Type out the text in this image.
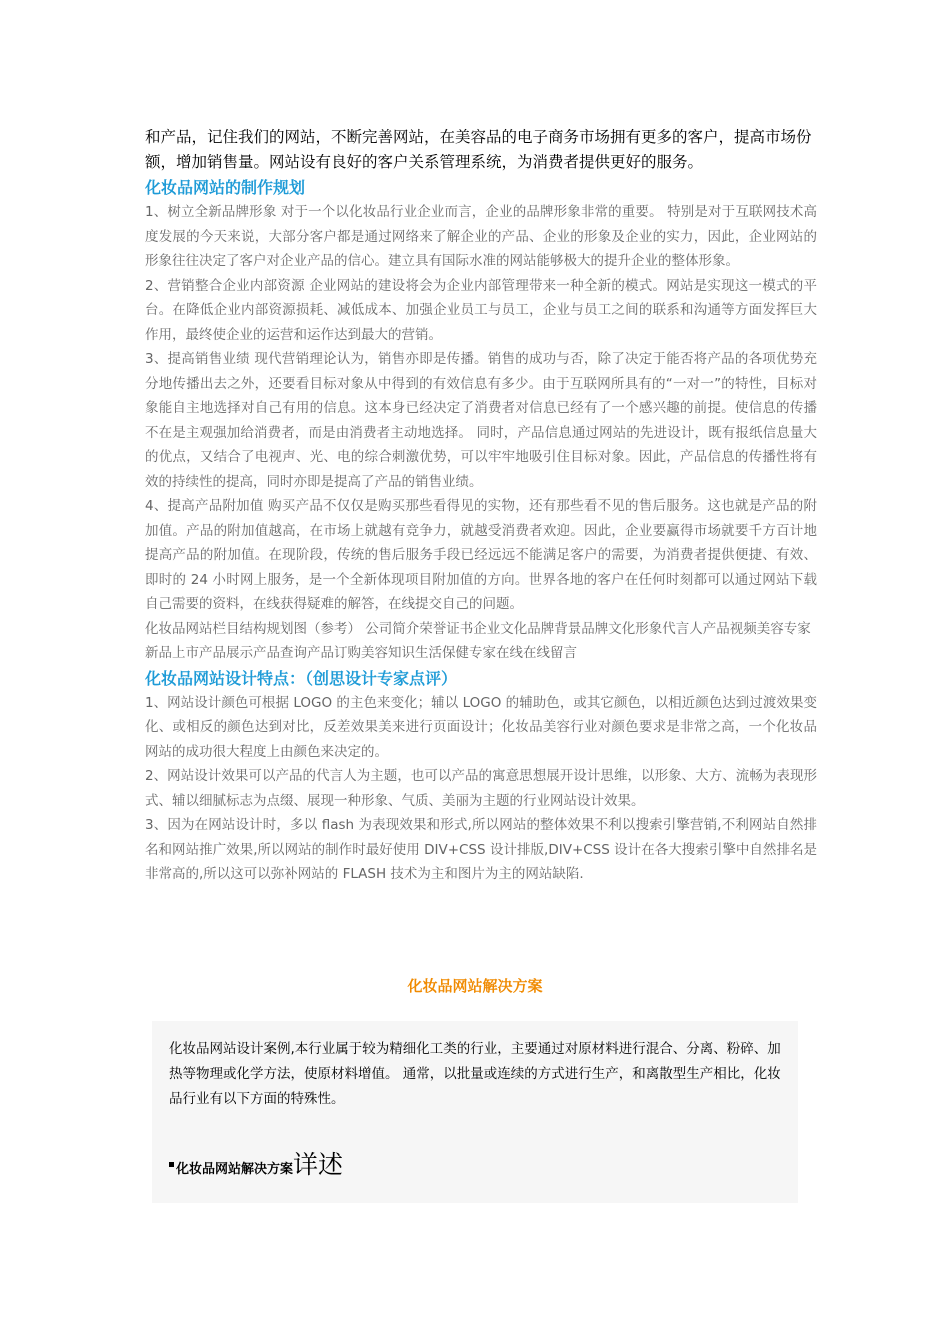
和产品，记住我们的网站，不断完善网站，在美容品的电子商务市场拥有更多的客户，提高市场份额，增加销售量。网站设有良好的客户关系管理系统，为消费者提供更好的服务。

化妆品网站的制作规划

1、树立全新品牌形象 对于一个以化妆品行业企业而言，企业的品牌形象非常的重要。 特别是对于互联网技术高度发展的今天来说，大部分客户都是通过网络来了解企业的产品、企业的形象及企业的实力，因此，企业网站的形象往往决定了客户对企业产品的信心。建立具有国际水准的网站能够极大的提升企业的整体形象。

2、营销整合企业内部资源 企业网站的建设将会为企业内部管理带来一种全新的模式。网站是实现这一模式的平台。在降低企业内部资源损耗、减低成本、加强企业员工与员工，企业与员工之间的联系和沟通等方面发挥巨大作用，最终使企业的运营和运作达到最大的营销。

3、提高销售业绩 现代营销理论认为，销售亦即是传播。销售的成功与否，除了决定于能否将产品的各项优势充分地传播出去之外，还要看目标对象从中得到的有效信息有多少。由于互联网所具有的“一对一”的特性，目标对象能自主地选择对自己有用的信息。这本身已经决定了消费者对信息已经有了一个感兴趣的前提。使信息的传播不在是主观强加给消费者，而是由消费者主动地选择。 同时，产品信息通过网站的先进设计，既有报纸信息量大的优点，又结合了电视声、光、电的综合刺激优势，可以牢牢地吸引住目标对象。因此，产品信息的传播性将有效的持续性的提高，同时亦即是提高了产品的销售业绩。

4、提高产品附加值 购买产品不仅仅是购买那些看得见的实物，还有那些看不见的售后服务。这也就是产品的附加值。产品的附加值越高，在市场上就越有竞争力，就越受消费者欢迎。因此，企业要赢得市场就要千方百计地提高产品的附加值。在现阶段，传统的售后服务手段已经远远不能满足客户的需要，为消费者提供便捷、有效、即时的 24 小时网上服务，是一个全新体现项目附加值的方向。世界各地的客户在任何时刻都可以通过网站下载自己需要的资料，在线获得疑难的解答，在线提交自己的问题。

化妆品网站栏目结构规划图（参考） 公司简介荣誉证书企业文化品牌背景品牌文化形象代言人产品视频美容专家

新品上市产品展示产品查询产品订购美容知识生活保健专家在线在线留言

化妆品网站设计特点：（创思设计专家点评）

1、网站设计颜色可根据 LOGO 的主色来变化；辅以 LOGO 的辅助色，或其它颜色，以相近颜色达到过渡效果变化、或相反的颜色达到对比，反差效果美来进行页面设计；化妆品美容行业对颜色要求是非常之高，一个化妆品网站的成功很大程度上由颜色来决定的。

2、网站设计效果可以产品的代言人为主题，也可以产品的寓意思想展开设计思维，以形象、大方、流畅为表现形式、辅以细腻标志为点缀、展现一种形象、气质、美丽为主题的行业网站设计效果。

3、因为在网站设计时，多以 flash 为表现效果和形式,所以网站的整体效果不利以搜索引擎营销,不利网站自然排名和网站推广效果,所以网站的制作时最好使用 DIV+CSS 设计排版,DIV+CSS 设计在各大搜索引擎中自然排名是非常高的,所以这可以弥补网站的 FLASH 技术为主和图片为主的网站缺陷.

化妆品网站解决方案

化妆品网站设计案例,本行业属于较为精细化工类的行业，主要通过对原材料进行混合、分离、粉碎、加热等物理或化学方法，使原材料增值。 通常，以批量或连续的方式进行生产，和离散型生产相比，化妆品行业有以下方面的特殊性。

化妆品网站解决方案 详述
